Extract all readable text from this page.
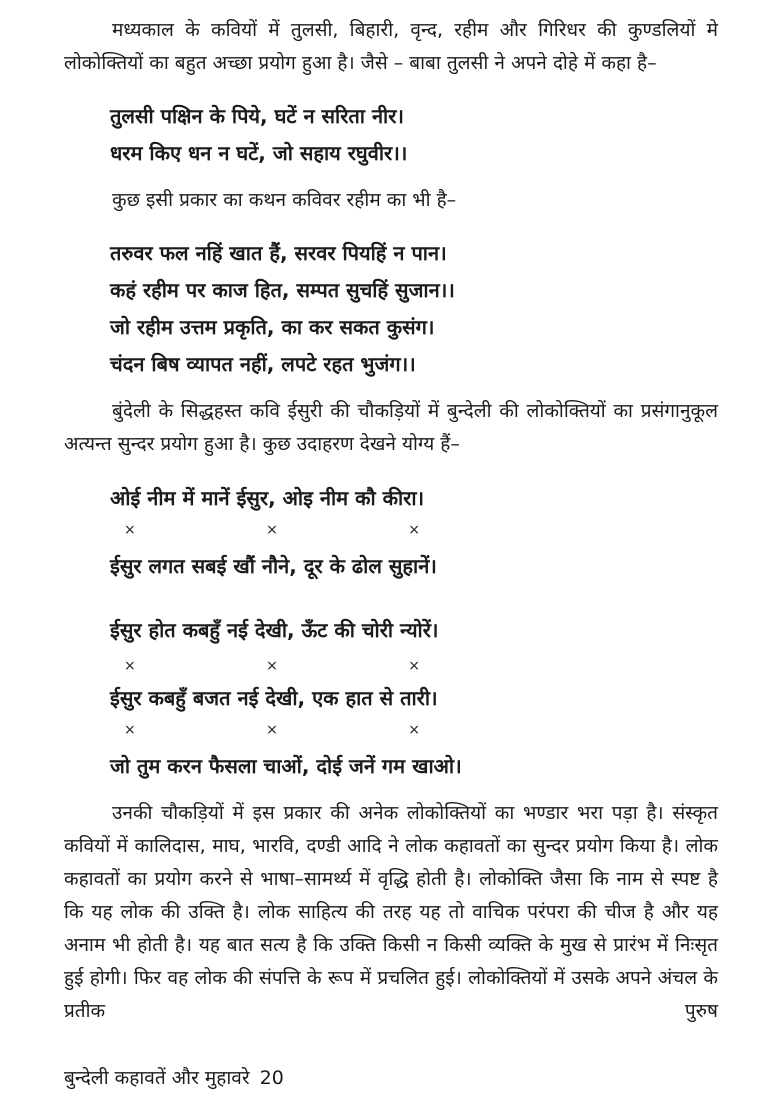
मध्यकाल के कवियों में तुलसी, बिहारी, वृन्द, रहीम और गिरिधर की कुण्डलियों मे लोकोक्तियों का बहुत अच्छा प्रयोग हुआ है। जैसे – बाबा तुलसी ने अपने दोहे में कहा है–

तुलसी पक्षिन के पिये, घटें न सरिता नीर।

धरम किए धन न घटें, जो सहाय रघुवीर।।

कुछ इसी प्रकार का कथन कविवर रहीम का भी है–

तरुवर फल नहिं खात हैं, सरवर पियहिं न पान।

कहं रहीम पर काज हित, सम्पत सुचहिं सुजान।।

जो रहीम उत्तम प्रकृति, का कर सकत कुसंग।

चंदन बिष व्यापत नहीं, लपटे रहत भुजंग।।

बुंदेली के सिद्धहस्त कवि ईसुरी की चौकड़ियों में बुन्देली की लोकोक्तियों का प्रसंगानुकूल अत्यन्त सुन्दर प्रयोग हुआ है। कुछ उदाहरण देखने योग्य हैं–

ओई नीम में मानें ईसुर, ओइ नीम कौ कीरा।

×	×	×

ईसुर लगत सबई खौं नौने, दूर के ढोल सुहानें।

ईसुर होत कबहुँ नई देखी, ऊँट की चोरी न्योरें।

×	×	×

ईसुर कबहुँ बजत नई देखी, एक हात से तारी।

×	×	×

जो तुम करन फैसला चाओं, दोई जनें गम खाओ।

उनकी चौकड़ियों में इस प्रकार की अनेक लोकोक्तियों का भण्डार भरा पड़ा है। संस्कृत कवियों में कालिदास, माघ, भारवि, दण्डी आदि ने लोक कहावतों का सुन्दर प्रयोग किया है। लोक कहावतों का प्रयोग करने से भाषा–सामर्थ्य में वृद्धि होती है। लोकोक्ति जैसा कि नाम से स्पष्ट है कि यह लोक की उक्ति है। लोक साहित्य की तरह यह तो वाचिक परंपरा की चीज है और यह अनाम भी होती है। यह बात सत्य है कि उक्ति किसी न किसी व्यक्ति के मुख से प्रारंभ में निःसृत हुई होगी। फिर वह लोक की संपत्ति के रूप में प्रचलित हुई। लोकोक्तियों में उसके अपने अंचल के प्रतीक पुरुष

बुन्देली कहावतें और मुहावरे 20
